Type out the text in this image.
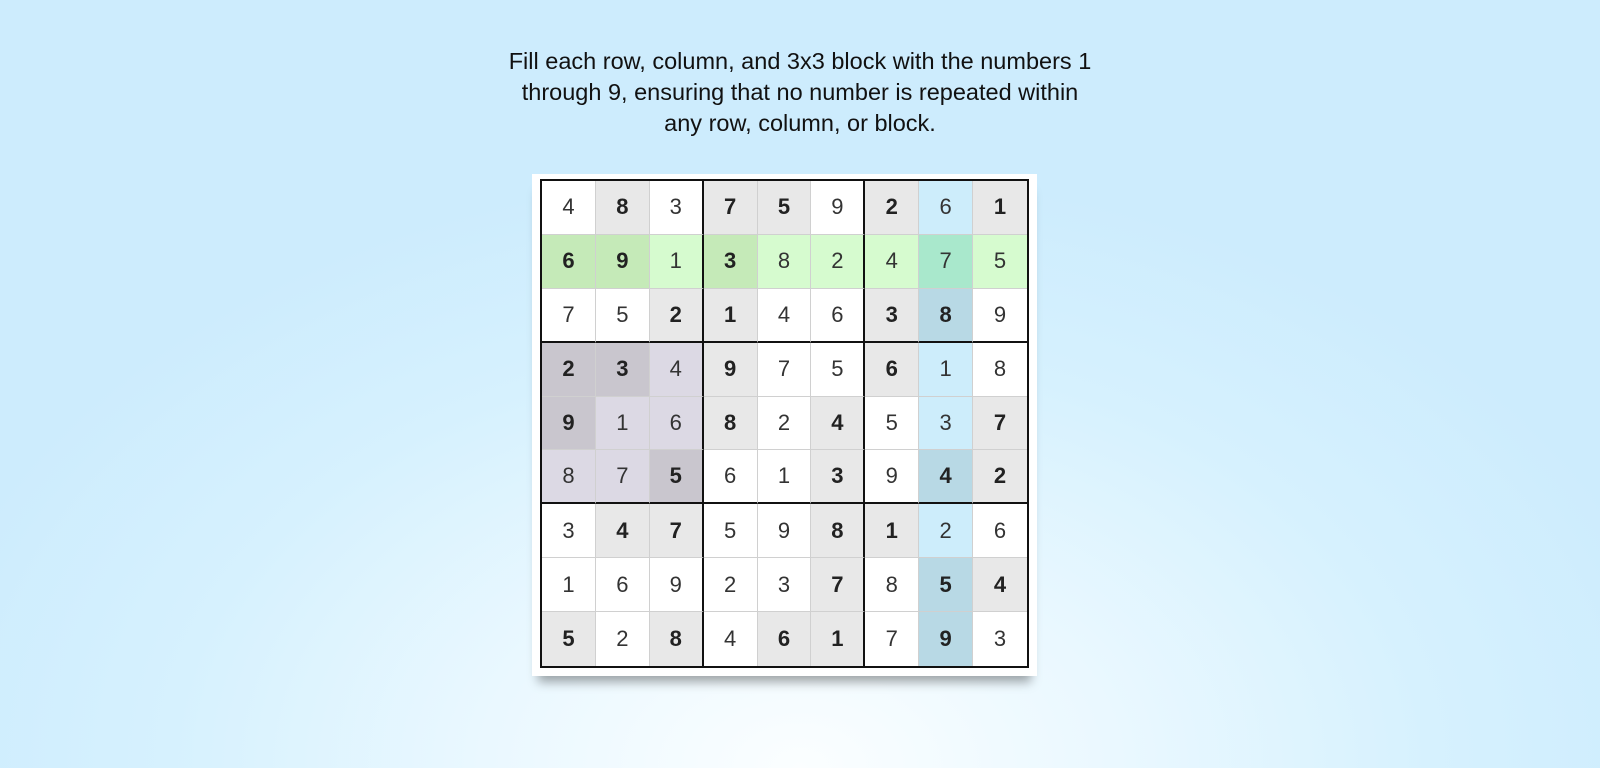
Fill each row, column, and 3x3 block with the numbers 1 through 9, ensuring that no number is repeated within any row, column, or block.
4	8	3	7	5	9	2	6	1
6	9	1	3	8	2	4	7	5
7	5	2	1	4	6	3	8	9
2	3	4	9	7	5	6	1	8
9	1	6	8	2	4	5	3	7
8	7	5	6	1	3	9	4	2
3	4	7	5	9	8	1	2	6
1	6	9	2	3	7	8	5	4
5	2	8	4	6	1	7	9	3
